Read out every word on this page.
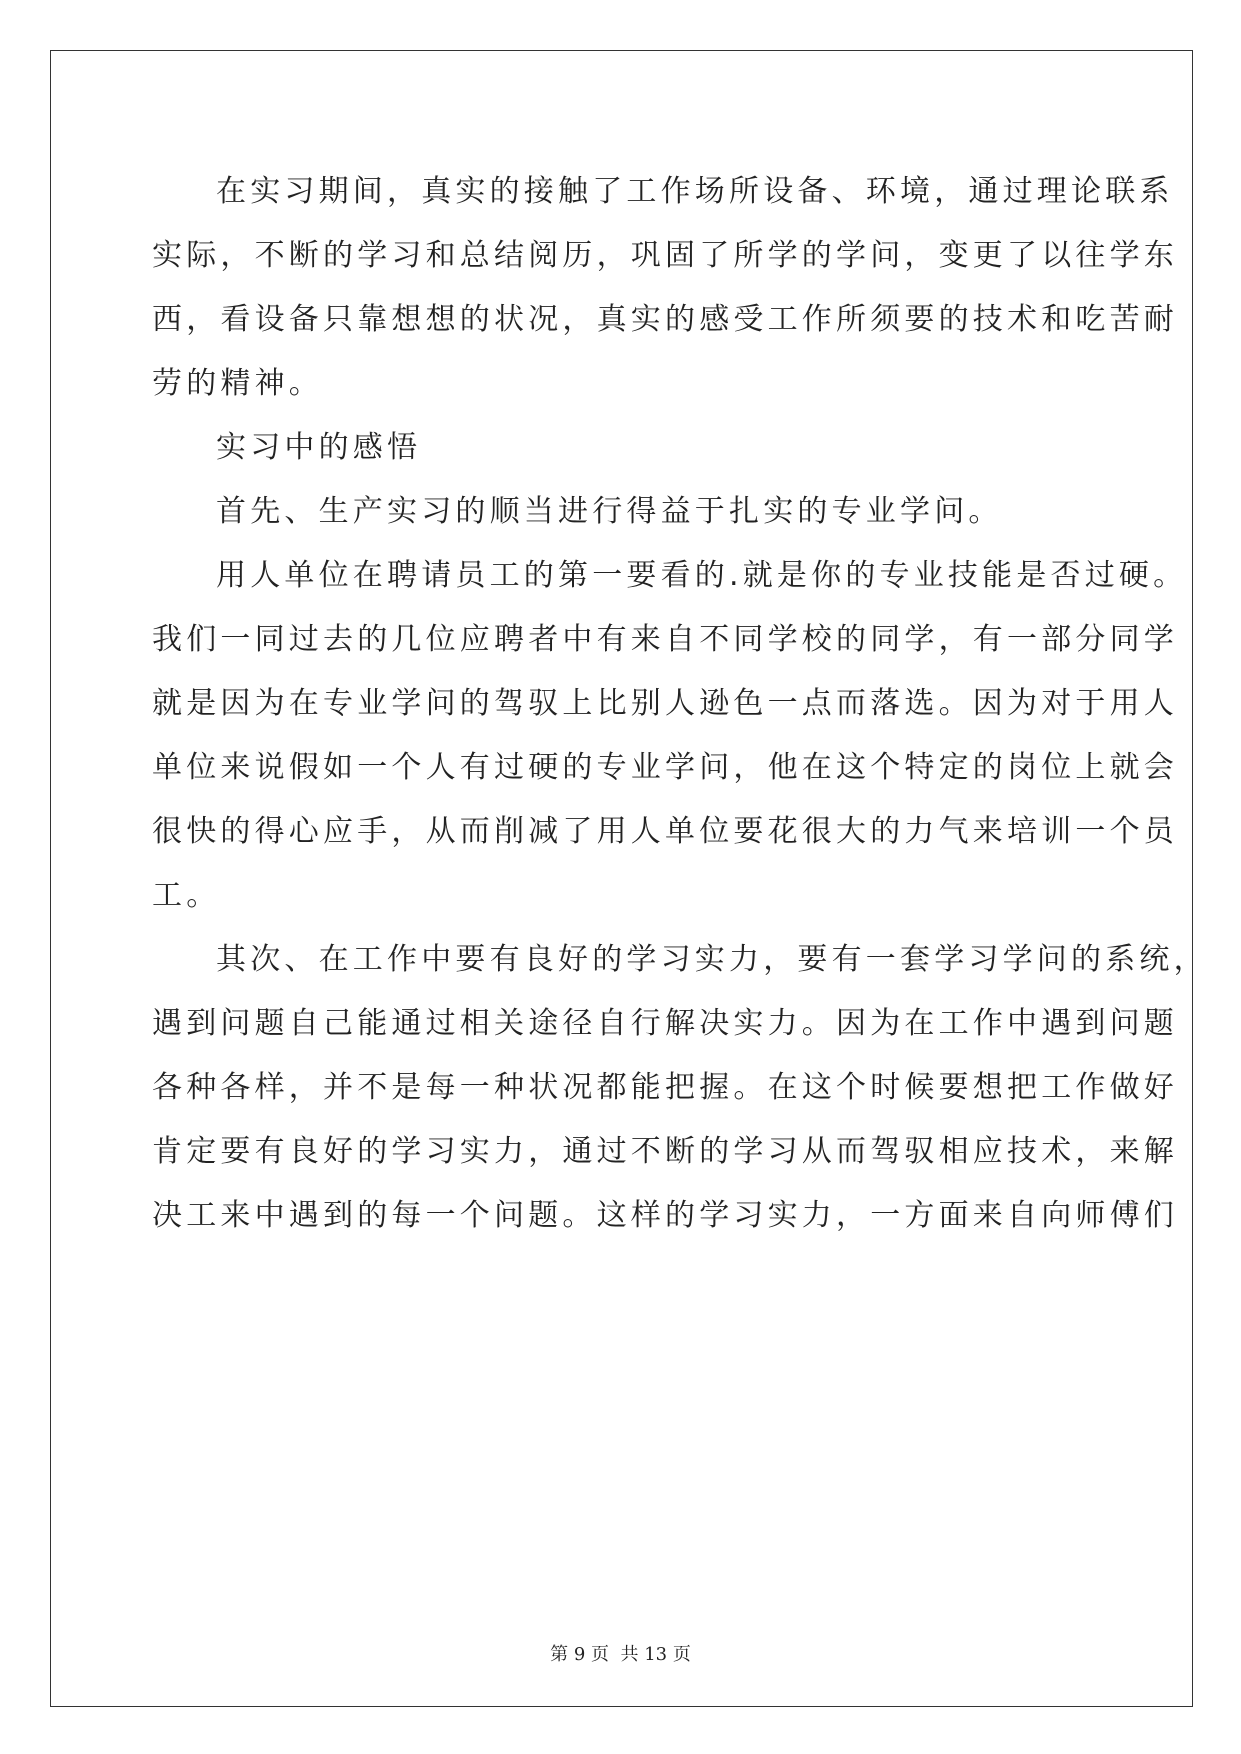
在实习期间，真实的接触了工作场所设备、环境，通过理论联系
实际，不断的学习和总结阅历，巩固了所学的学问，变更了以往学东
西，看设备只靠想想的状况，真实的感受工作所须要的技术和吃苦耐
劳的精神。
实习中的感悟
首先、生产实习的顺当进行得益于扎实的专业学问。
用人单位在聘请员工的第一要看的.就是你的专业技能是否过硬。
我们一同过去的几位应聘者中有来自不同学校的同学，有一部分同学
就是因为在专业学问的驾驭上比别人逊色一点而落选。因为对于用人
单位来说假如一个人有过硬的专业学问，他在这个特定的岗位上就会
很快的得心应手，从而削减了用人单位要花很大的力气来培训一个员
工。
其次、在工作中要有良好的学习实力，要有一套学习学问的系统，
遇到问题自己能通过相关途径自行解决实力。因为在工作中遇到问题
各种各样，并不是每一种状况都能把握。在这个时候要想把工作做好
肯定要有良好的学习实力，通过不断的学习从而驾驭相应技术，来解
决工来中遇到的每一个问题。这样的学习实力，一方面来自向师傅们
第 9 页  共 13 页
